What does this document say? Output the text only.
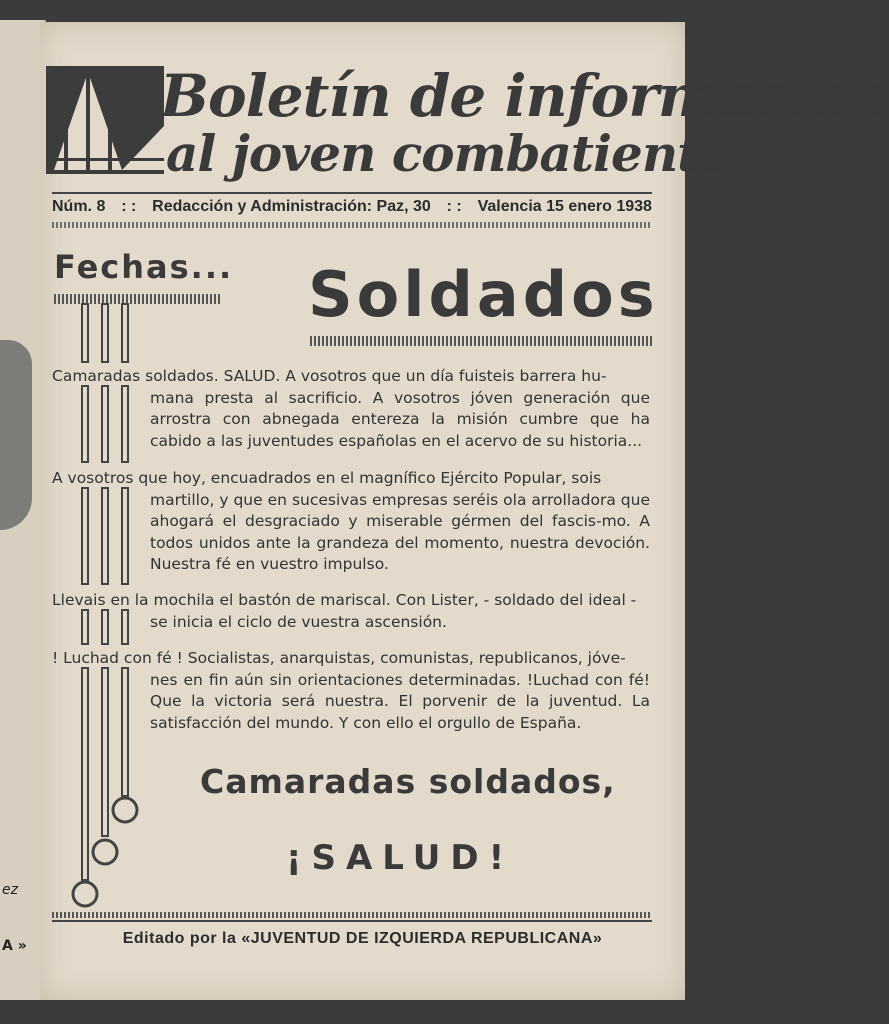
ez
A »
Boletín de información
al joven combatiente
Núm. 8 : : Redacción y Administración: Paz, 30 : : Valencia 15 enero 1938
Fechas... Soldados
Camaradas soldados. SALUD. A vosotros que un día fuisteis barrera hu-
mana presta al sacrificio. A vosotros jóven generación que arrostra con abnegada entereza la misión cumbre que ha cabido a las juventudes españolas en el acervo de su historia...
A vosotros que hoy, encuadrados en el magnífico Ejército Popular, sois
martillo, y que en sucesivas empresas seréis ola arrolladora que ahogará el desgraciado y miserable gérmen del fascis-mo. A todos unidos ante la grandeza del momento, nuestra devoción. Nuestra fé en vuestro impulso.
Llevais en la mochila el bastón de mariscal. Con Lister, - soldado del ideal -
se inicia el ciclo de vuestra ascensión.
! Luchad con fé ! Socialistas, anarquistas, comunistas, republicanos, jóve-
nes en fin aún sin orientaciones determinadas. !Luchad con fé! Que la victoria será nuestra. El porvenir de la juventud. La satisfacción del mundo. Y con ello el orgullo de España.
Camaradas soldados,
¡SALUD!
Editado por la «JUVENTUD DE IZQUIERDA REPUBLICANA»
